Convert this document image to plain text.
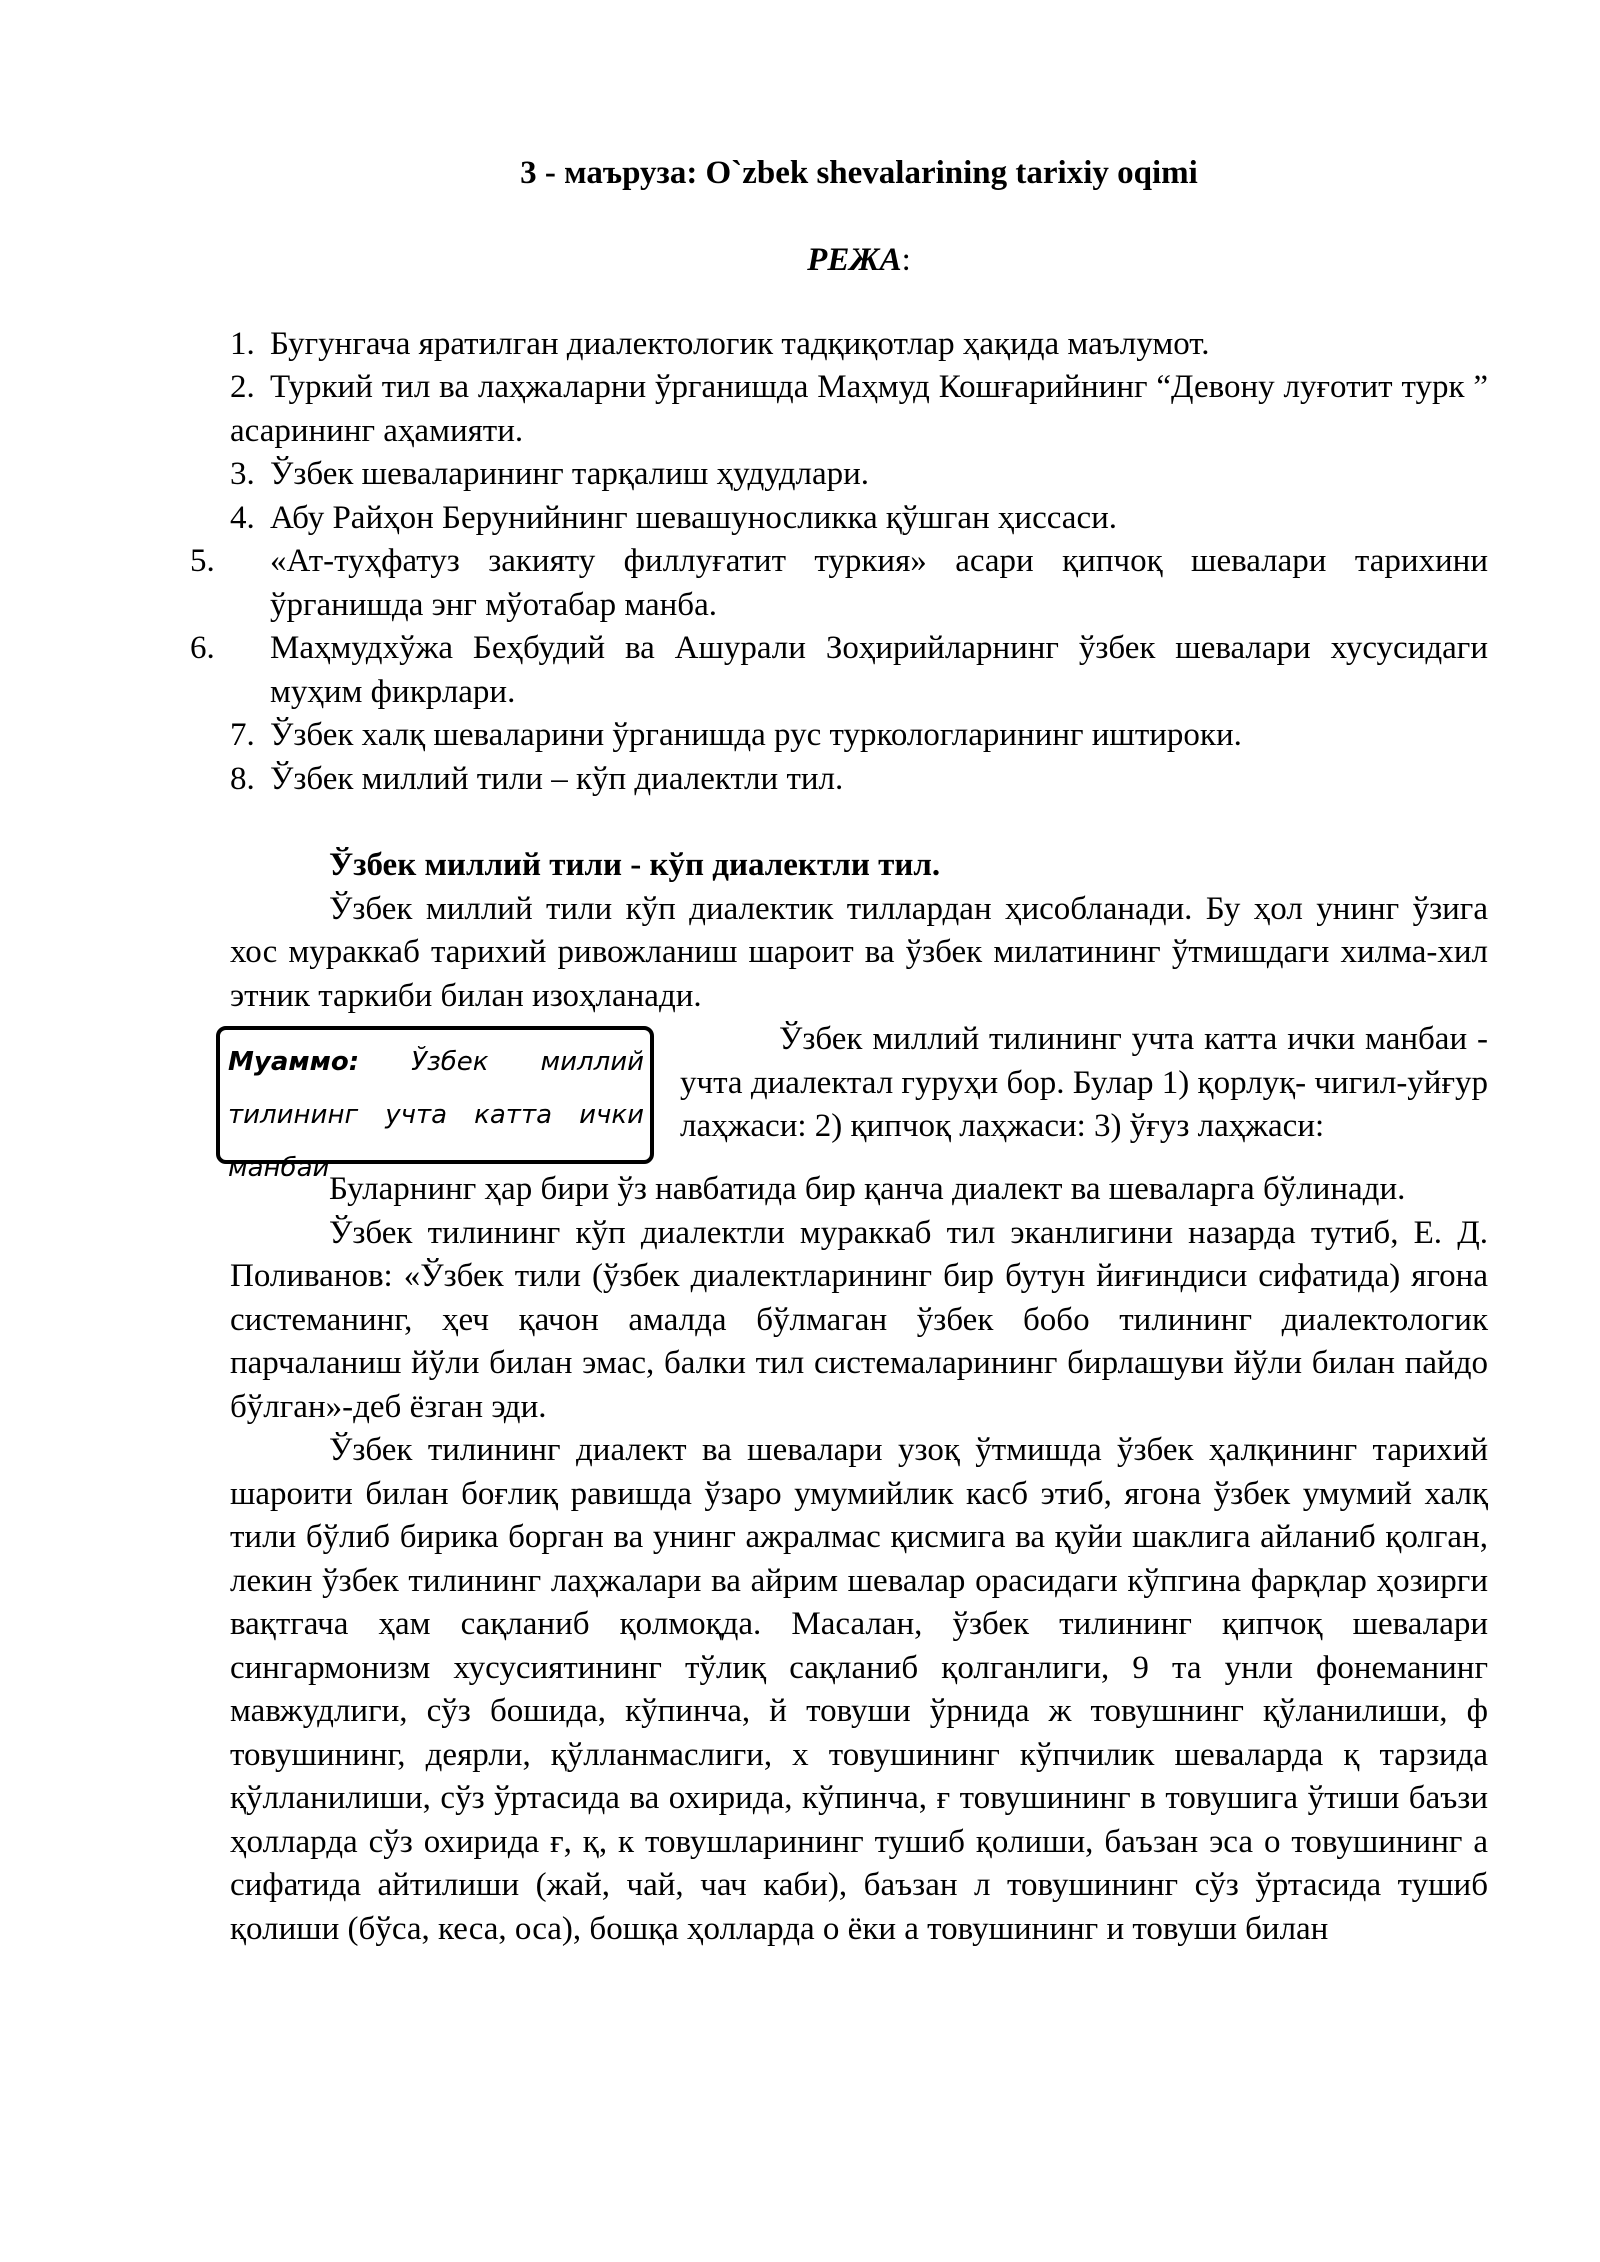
3 - маъруза: O`zbek shevalarining tarixiy oqimi
РЕЖА:
1. Бугунгача яратилган диалектологик тадқиқотлар ҳақида маълумот.
2. Туркий тил ва лаҳжаларни ўрганишда Маҳмуд Кошғарийнинг “Девону луғотит турк ” асарининг аҳамияти.
3. Ўзбек шеваларининг тарқалиш ҳудудлари.
4. Абу Райҳон Берунийнинг шевашуносликка қўшган ҳиссаси.
5. «Ат-туҳфатуз закияту филлуғатит туркия» асари қипчоқ шевалари тарихини ўрганишда энг мўотабар манба.
6. Маҳмудхўжа Беҳбудий ва Ашурали Зоҳирийларнинг ўзбек шевалари хусусидаги муҳим фикрлари.
7. Ўзбек халқ шеваларини ўрганишда рус туркологларининг иштироки.
8. Ўзбек миллий тили – кўп диалектли тил.
Ўзбек миллий тили - кўп диалектли тил.

Ўзбек миллий тили кўп диалектик тиллардан ҳисобланади. Бу ҳол унинг ўзига хос мураккаб тарихий ривожланиш шароит ва ўзбек милатининг ўтмишдаги хилма-хил этник таркиби билан изоҳланади.

Муаммо: Ўзбек миллий тилининг учта катта ички манбаи

Ўзбек миллий тилининг учта катта ички манбаи - учта диалектал гуруҳи бор. Булар 1) қорлуқ- чигил-уйғур лаҳжаси: 2) қипчоқ лаҳжаси: 3) ўғуз лаҳжаси:

Буларнинг ҳар бири ўз навбатида бир қанча диалект ва шеваларга бўлинади.

Ўзбек тилининг кўп диалектли мураккаб тил эканлигини назарда тутиб, Е. Д. Поливанов: «Ўзбек тили (ўзбек диалектларининг бир бутун йиғиндиси сифатида) ягона системанинг, ҳеч қачон амалда бўлмаган ўзбек бобо тилининг диалектологик парчаланиш йўли билан эмас, балки тил системаларининг бирлашуви йўли билан пайдо бўлган»-деб ёзган эди.

Ўзбек тилининг диалект ва шевалари узоқ ўтмишда ўзбек ҳалқининг тарихий шароити билан боғлиқ равишда ўзаро умумийлик касб этиб, ягона ўзбек умумий халқ тили бўлиб бирика борган ва унинг ажралмас қисмига ва қуйи шаклига айланиб қолган, лекин ўзбек тилининг лаҳжалари ва айрим шевалар орасидаги кўпгина фарқлар ҳозирги вақтгача ҳам сақланиб қолмоқда. Масалан, ўзбек тилининг қипчоқ шевалари сингармонизм хусусиятининг тўлиқ сақланиб қолганлиги, 9 та унли фонеманинг мавжудлиги, сўз бошида, кўпинча, й товуши ўрнида ж товушнинг қўланилиши, ф товушининг, деярли, қўлланмаслиги, х товушининг кўпчилик шеваларда қ тарзида қўлланилиши, сўз ўртасида ва охирида, кўпинча, ғ товушининг в товушига ўтиши баъзи ҳолларда сўз охирида ғ, қ, к товушларининг тушиб қолиши, баъзан эса о товушининг а сифатида айтилиши (жай, чай, чач каби), баъзан л товушининг сўз ўртасида тушиб қолиши (бўса, кеса, оса), бошқа ҳолларда о ёки а товушининг и товуши билан
